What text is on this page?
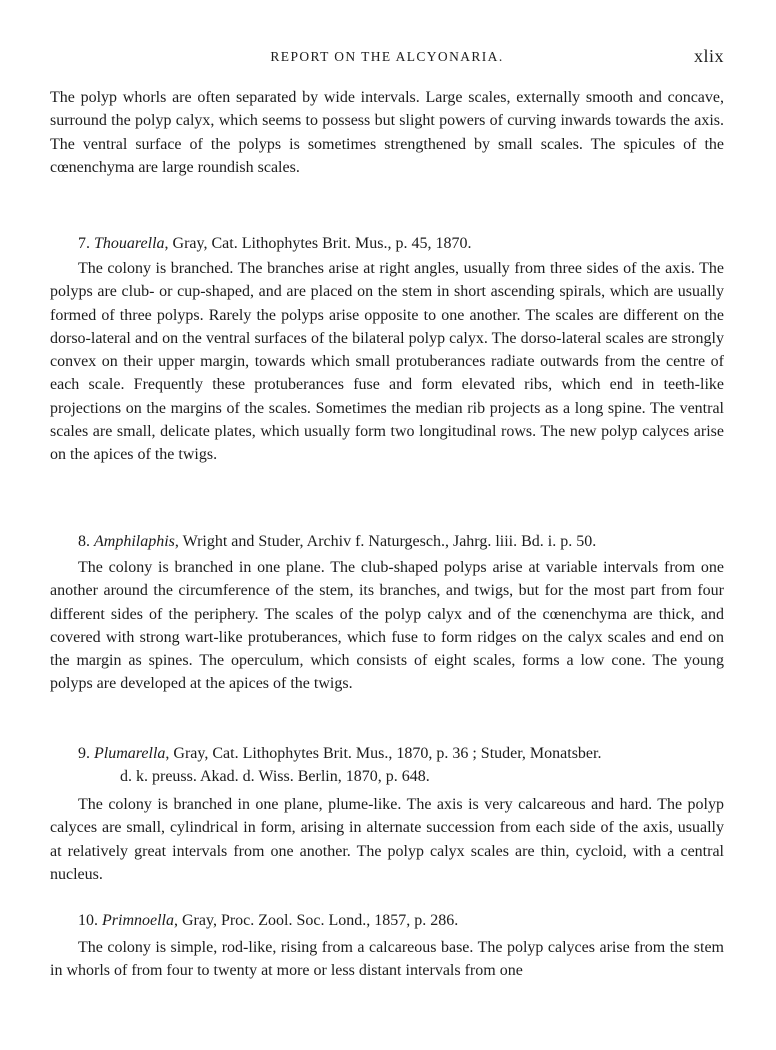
REPORT ON THE ALCYONARIA.	xlix

The polyp whorls are often separated by wide intervals. Large scales, externally smooth and concave, surround the polyp calyx, which seems to possess but slight powers of curving inwards towards the axis. The ventral surface of the polyps is sometimes strengthened by small scales. The spicules of the cœnenchyma are large roundish scales.

7. Thouarella, Gray, Cat. Lithophytes Brit. Mus., p. 45, 1870.

The colony is branched. The branches arise at right angles, usually from three sides of the axis. The polyps are club- or cup-shaped, and are placed on the stem in short ascending spirals, which are usually formed of three polyps. Rarely the polyps arise opposite to one another. The scales are different on the dorso-lateral and on the ventral surfaces of the bilateral polyp calyx. The dorso-lateral scales are strongly convex on their upper margin, towards which small protuberances radiate outwards from the centre of each scale. Frequently these protuberances fuse and form elevated ribs, which end in teeth-like projections on the margins of the scales. Sometimes the median rib projects as a long spine. The ventral scales are small, delicate plates, which usually form two longitudinal rows. The new polyp calyces arise on the apices of the twigs.

8. Amphilaphis, Wright and Studer, Archiv f. Naturgesch., Jahrg. liii. Bd. i. p. 50.

The colony is branched in one plane. The club-shaped polyps arise at variable intervals from one another around the circumference of the stem, its branches, and twigs, but for the most part from four different sides of the periphery. The scales of the polyp calyx and of the cœnenchyma are thick, and covered with strong wart-like protuberances, which fuse to form ridges on the calyx scales and end on the margin as spines. The operculum, which consists of eight scales, forms a low cone. The young polyps are developed at the apices of the twigs.

9. Plumarella, Gray, Cat. Lithophytes Brit. Mus., 1870, p. 36 ; Studer, Monatsber.
d. k. preuss. Akad. d. Wiss. Berlin, 1870, p. 648.

The colony is branched in one plane, plume-like. The axis is very calcareous and hard. The polyp calyces are small, cylindrical in form, arising in alternate succession from each side of the axis, usually at relatively great intervals from one another. The polyp calyx scales are thin, cycloid, with a central nucleus.

10. Primnoella, Gray, Proc. Zool. Soc. Lond., 1857, p. 286.

The colony is simple, rod-like, rising from a calcareous base. The polyp calyces arise from the stem in whorls of from four to twenty at more or less distant intervals from one
